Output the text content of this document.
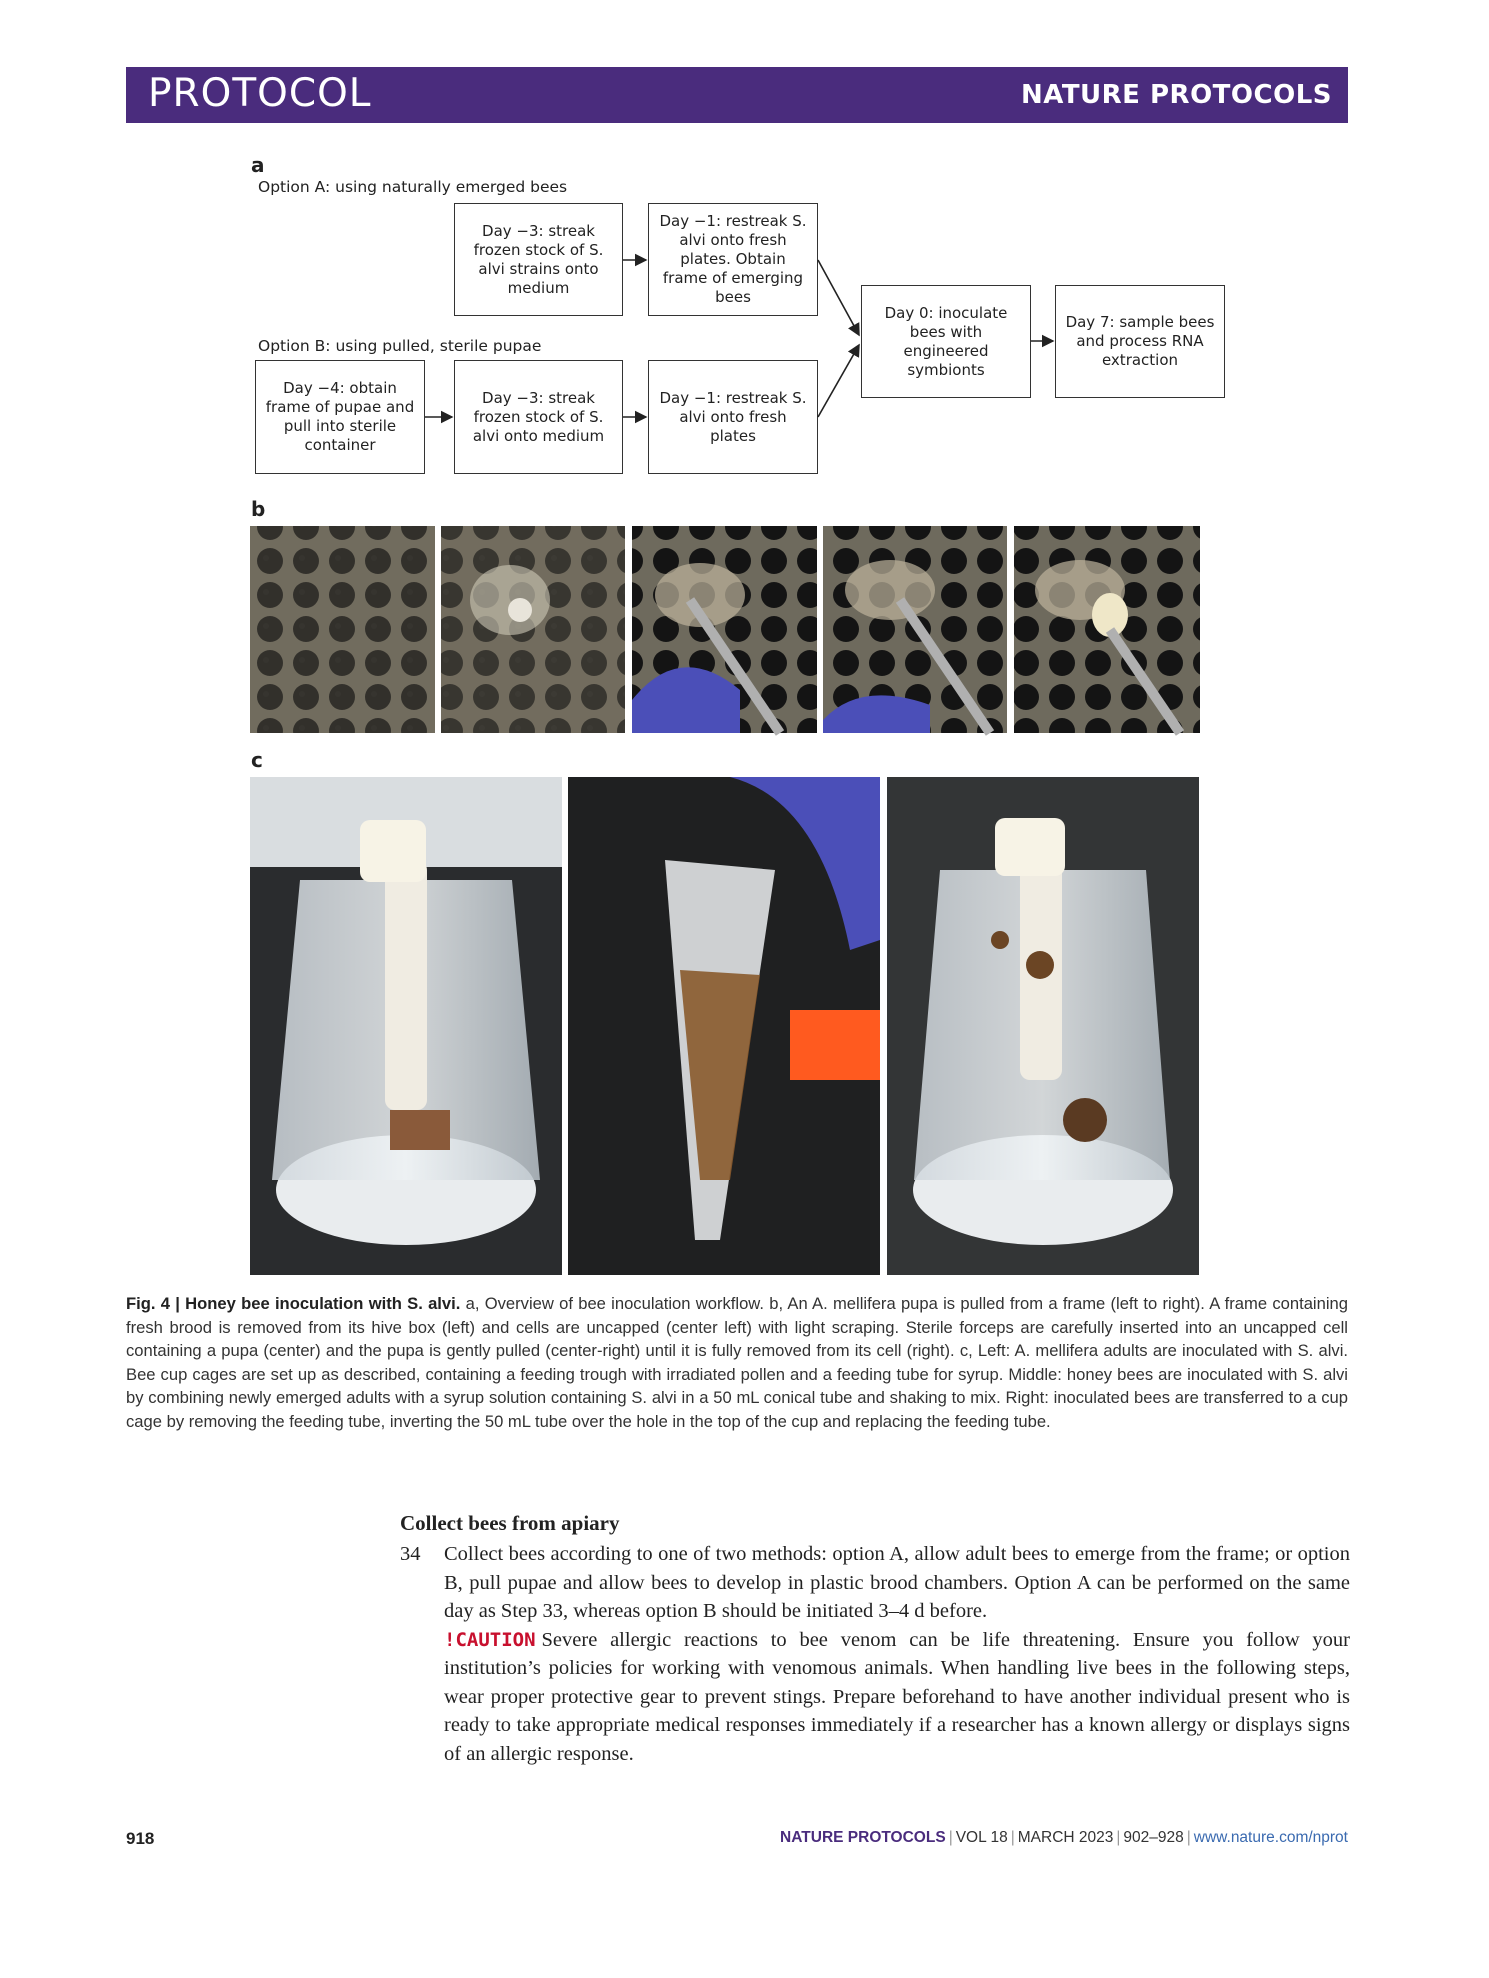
PROTOCOL	NATURE PROTOCOLS
a
Option A: using naturally emerged bees
Option B: using pulled, sterile pupae
Day −3: streak frozen stock of S. alvi strains onto medium
Day −1: restreak S. alvi onto fresh plates. Obtain frame of emerging bees
Day −4: obtain frame of pupae and pull into sterile container
Day −3: streak frozen stock of S. alvi onto medium
Day −1: restreak S. alvi onto fresh plates
Day 0: inoculate bees with engineered symbionts
Day 7: sample bees and process RNA extraction
b
c
Fig. 4 | Honey bee inoculation with S. alvi. a, Overview of bee inoculation workflow. b, An A. mellifera pupa is pulled from a frame (left to right). A frame containing fresh brood is removed from its hive box (left) and cells are uncapped (center left) with light scraping. Sterile forceps are carefully inserted into an uncapped cell containing a pupa (center) and the pupa is gently pulled (center-right) until it is fully removed from its cell (right). c, Left: A. mellifera adults are inoculated with S. alvi. Bee cup cages are set up as described, containing a feeding trough with irradiated pollen and a feeding tube for syrup. Middle: honey bees are inoculated with S. alvi by combining newly emerged adults with a syrup solution containing S. alvi in a 50 mL conical tube and shaking to mix. Right: inoculated bees are transferred to a cup cage by removing the feeding tube, inverting the 50 mL tube over the hole in the top of the cup and replacing the feeding tube.
Collect bees from apiary
34	Collect bees according to one of two methods: option A, allow adult bees to emerge from the frame; or option B, pull pupae and allow bees to develop in plastic brood chambers. Option A can be performed on the same day as Step 33, whereas option B should be initiated 3–4 d before.

!CAUTION Severe allergic reactions to bee venom can be life threatening. Ensure you follow your institution’s policies for working with venomous animals. When handling live bees in the following steps, wear proper protective gear to prevent stings. Prepare beforehand to have another individual present who is ready to take appropriate medical responses immediately if a researcher has a known allergy or displays signs of an allergic response.

918	NATURE PROTOCOLS | VOL 18 | MARCH 2023 | 902–928 | www.nature.com/nprot
